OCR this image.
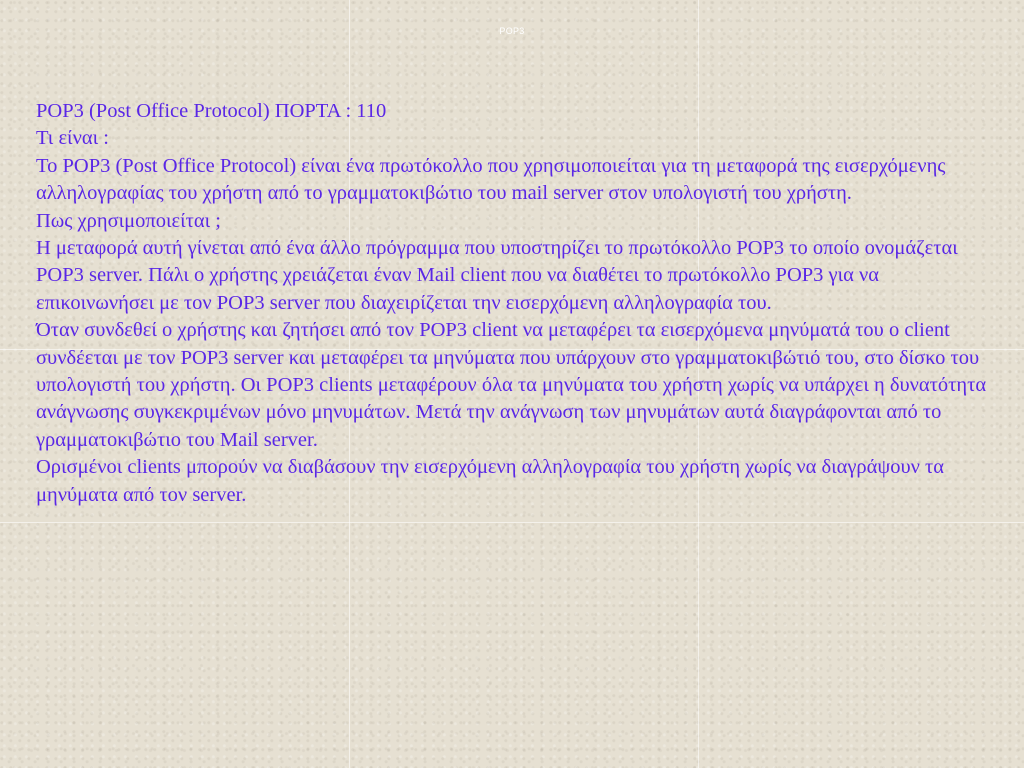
POP3

POP3 (Post Office Protocol) ΠΟΡΤΑ : 110

Τι είναι :

Το POP3 (Post Office Protocol) είναι ένα πρωτόκολλο που χρησιμοποιείται για τη μεταφορά της εισερχόμενης αλληλογραφίας του χρήστη από το γραμματοκιβώτιο του mail server στον υπολογιστή του χρήστη.

Πως χρησιμοποιείται ;

Η μεταφορά αυτή γίνεται από ένα άλλο πρόγραμμα που υποστηρίζει το πρωτόκολλο POP3 το οποίο ονομάζεται POP3 server. Πάλι ο χρήστης χρειάζεται έναν Mail client που να διαθέτει το πρωτόκολλο POP3 για να επικοινωνήσει με τον POP3 server που διαχειρίζεται την εισερχόμενη αλληλογραφία του.

Όταν συνδεθεί ο χρήστης και ζητήσει από τον POP3 client να μεταφέρει τα εισερχόμενα μηνύματά του ο client συνδέεται με τον POP3 server και μεταφέρει τα μηνύματα που υπάρχουν στο γραμματοκιβώτιό του, στο δίσκο του υπολογιστή του χρήστη. Οι POP3 clients μεταφέρουν όλα τα μηνύματα του χρήστη χωρίς να υπάρχει η δυνατότητα ανάγνωσης συγκεκριμένων μόνο μηνυμάτων. Μετά την ανάγνωση των μηνυμάτων αυτά διαγράφονται από το γραμματοκιβώτιο του Mail server.

Ορισμένοι clients μπορούν να διαβάσουν την εισερχόμενη αλληλογραφία του χρήστη χωρίς να διαγράψουν τα μηνύματα από τον server.
